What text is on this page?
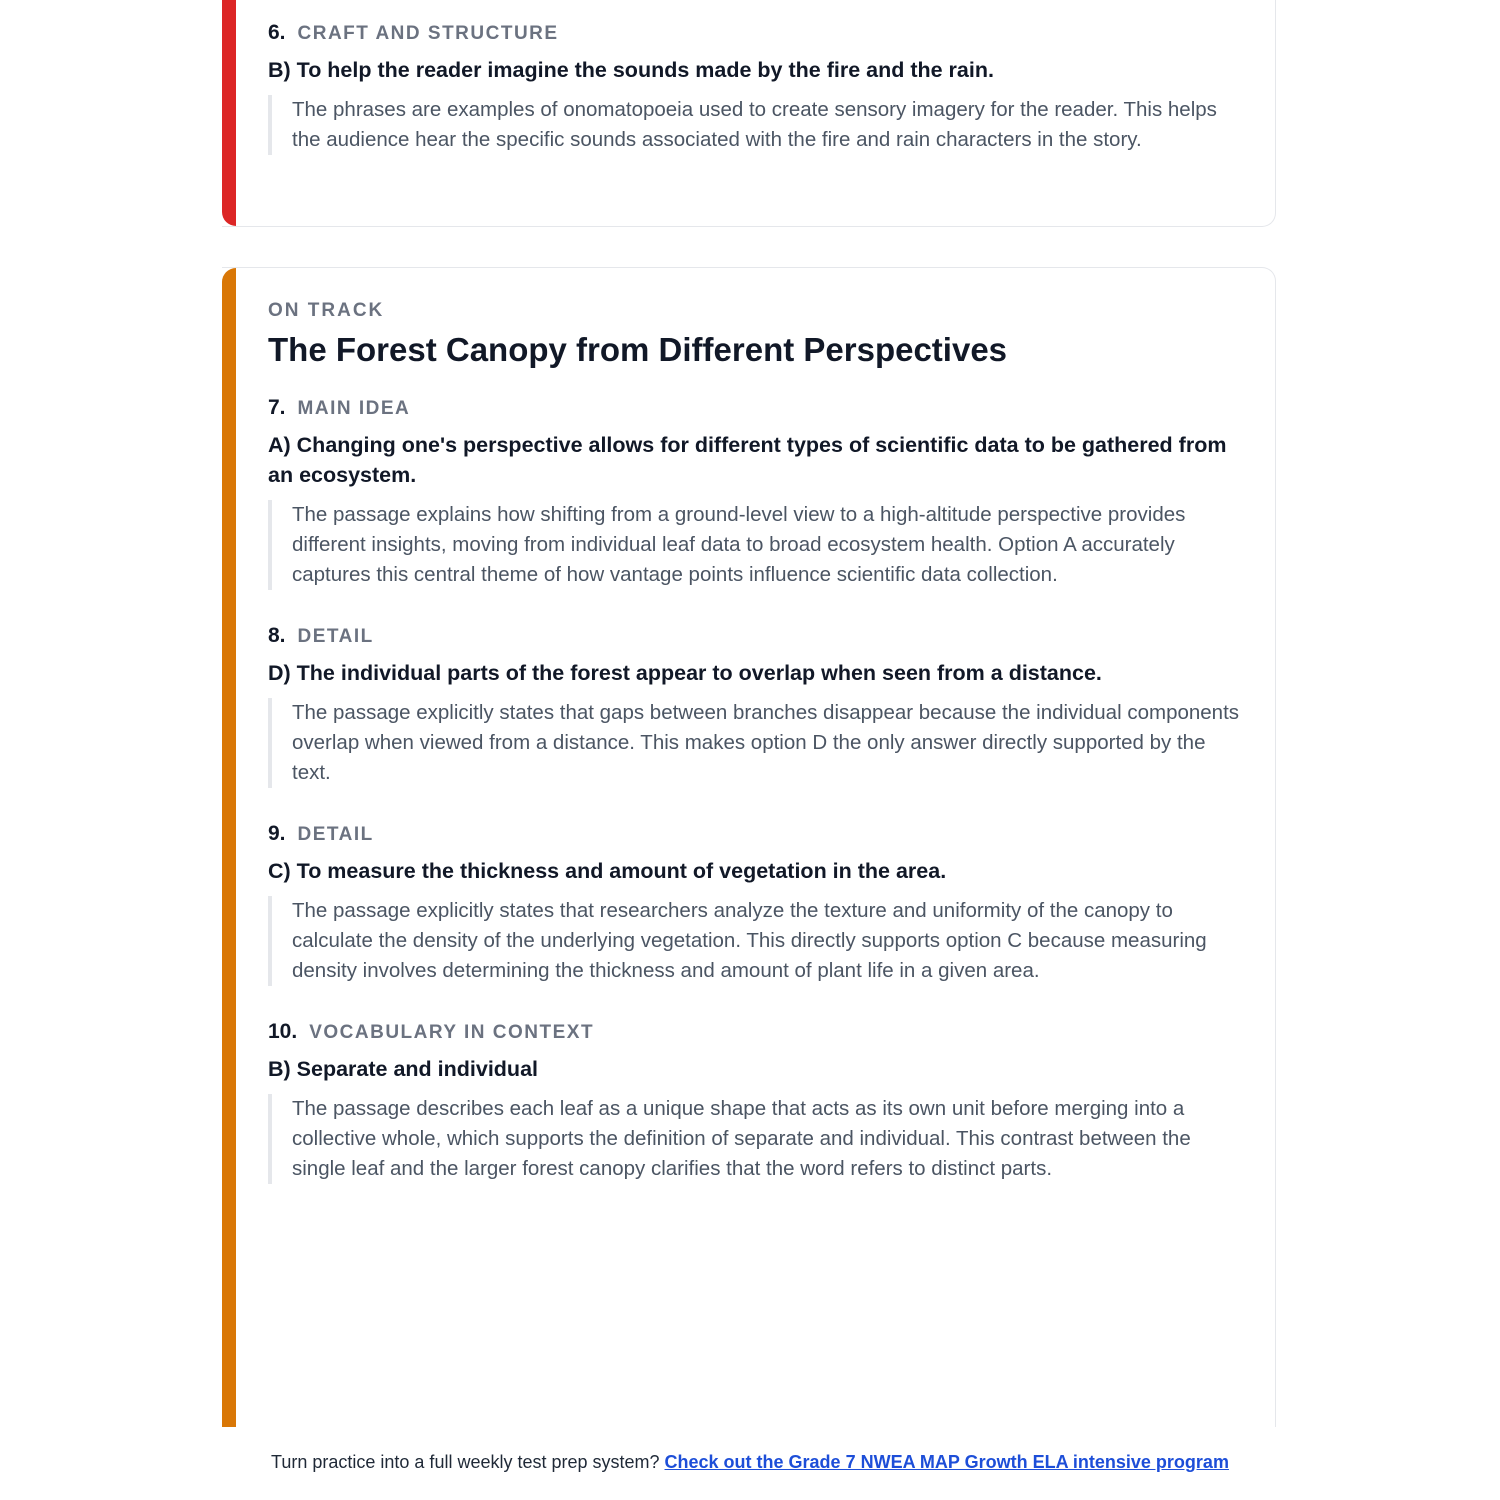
6. CRAFT AND STRUCTURE

B) To help the reader imagine the sounds made by the fire and the rain.

The phrases are examples of onomatopoeia used to create sensory imagery for the reader. This helps the audience hear the specific sounds associated with the fire and rain characters in the story.

ON TRACK
The Forest Canopy from Different Perspectives
7. MAIN IDEA

A) Changing one's perspective allows for different types of scientific data to be gathered from an ecosystem.

The passage explains how shifting from a ground-level view to a high-altitude perspective provides different insights, moving from individual leaf data to broad ecosystem health. Option A accurately captures this central theme of how vantage points influence scientific data collection.

8. DETAIL

D) The individual parts of the forest appear to overlap when seen from a distance.

The passage explicitly states that gaps between branches disappear because the individual components overlap when viewed from a distance. This makes option D the only answer directly supported by the text.

9. DETAIL

C) To measure the thickness and amount of vegetation in the area.

The passage explicitly states that researchers analyze the texture and uniformity of the canopy to calculate the density of the underlying vegetation. This directly supports option C because measuring density involves determining the thickness and amount of plant life in a given area.

10. VOCABULARY IN CONTEXT

B) Separate and individual

The passage describes each leaf as a unique shape that acts as its own unit before merging into a collective whole, which supports the definition of separate and individual. This contrast between the single leaf and the larger forest canopy clarifies that the word refers to distinct parts.

Turn practice into a full weekly test prep system? Check out the Grade 7 NWEA MAP Growth ELA intensive program
